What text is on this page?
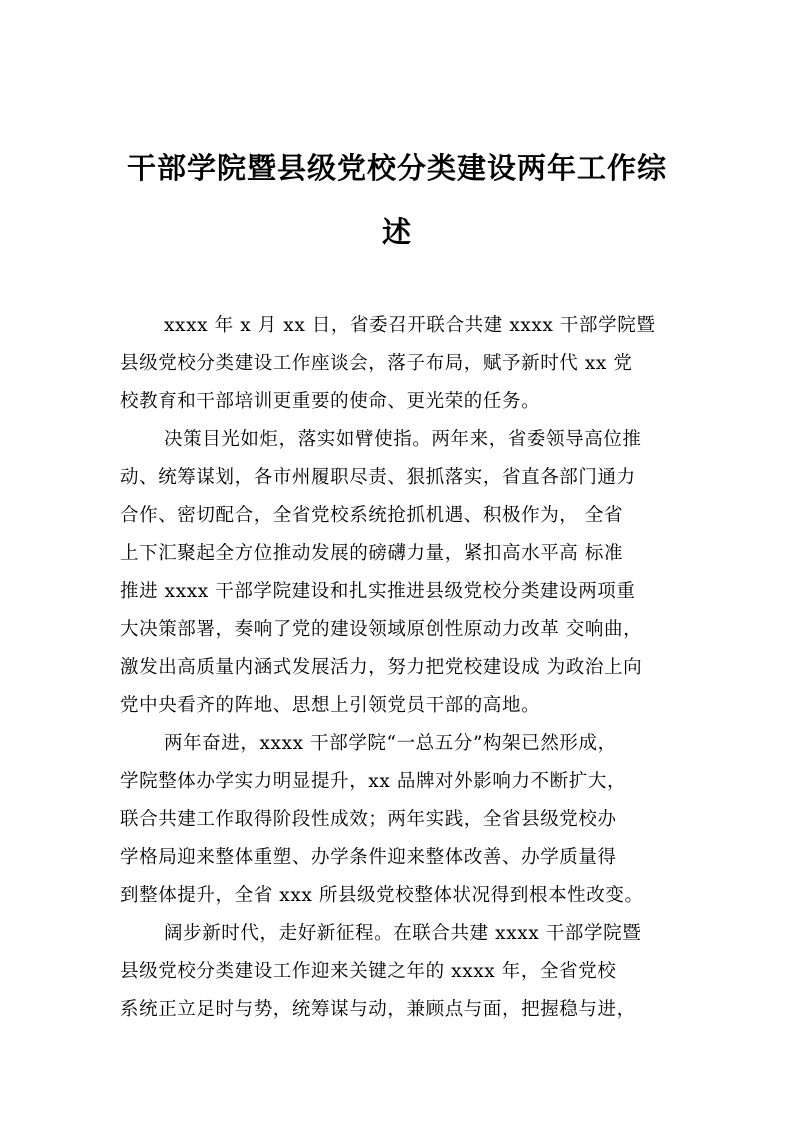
干部学院暨县级党校分类建设两年工作综
述
xxxx 年 x 月 xx 日，省委召开联合共建 xxxx 干部学院暨
县级党校分类建设工作座谈会，落子布局，赋予新时代 xx 党
校教育和干部培训更重要的使命、更光荣的任务。
决策目光如炬，落实如臂使指。两年来，省委领导高位推
动、统筹谋划，各市州履职尽责、狠抓落实，省直各部门通力
合作、密切配合，全省党校系统抢抓机遇、积极作为， 全省
上下汇聚起全方位推动发展的磅礴力量，紧扣高水平高 标准
推进 xxxx 干部学院建设和扎实推进县级党校分类建设两项重
大决策部署，奏响了党的建设领域原创性原动力改革 交响曲，
激发出高质量内涵式发展活力，努力把党校建设成 为政治上向
党中央看齐的阵地、思想上引领党员干部的高地。
两年奋进，xxxx 干部学院“一总五分”构架已然形成，
学院整体办学实力明显提升，xx 品牌对外影响力不断扩大，
联合共建工作取得阶段性成效；两年实践，全省县级党校办
学格局迎来整体重塑、办学条件迎来整体改善、办学质量得
到整体提升，全省 xxx 所县级党校整体状况得到根本性改变。
阔步新时代，走好新征程。在联合共建 xxxx 干部学院暨
县级党校分类建设工作迎来关键之年的 xxxx 年，全省党校
系统正立足时与势，统筹谋与动，兼顾点与面，把握稳与进，
